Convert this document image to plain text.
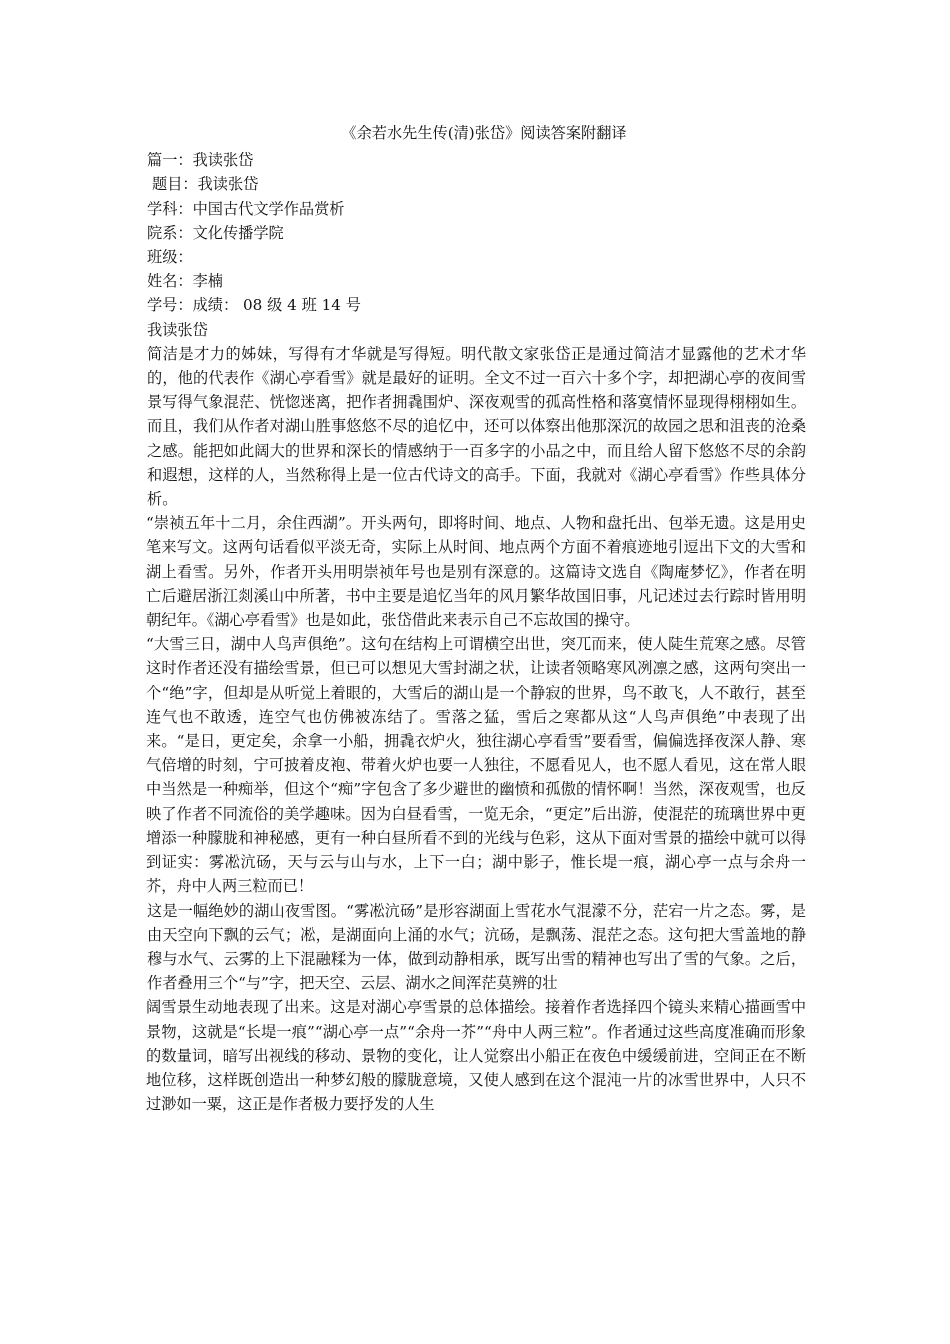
《余若水先生传(清)张岱》阅读答案附翻译

篇一：我读张岱

题目：我读张岱

学科：中国古代文学作品赏析

院系：文化传播学院

班级：

姓名：李楠

学号：成绩： 08 级 4 班 14 号

我读张岱

简洁是才力的姊妹，写得有才华就是写得短。明代散文家张岱正是通过简洁才显露他的艺术才华的，他的代表作《湖心亭看雪》就是最好的证明。全文不过一百六十多个字，却把湖心亭的夜间雪景写得气象混茫、恍惚迷离，把作者拥毳围炉、深夜观雪的孤高性格和落寞情怀显现得栩栩如生。而且，我们从作者对湖山胜事悠悠不尽的追忆中，还可以体察出他那深沉的故园之思和沮丧的沧桑之感。能把如此阔大的世界和深长的情感纳于一百多字的小品之中，而且给人留下悠悠不尽的余韵和遐想，这样的人，当然称得上是一位古代诗文的高手。下面，我就对《湖心亭看雪》作些具体分析。

“崇祯五年十二月，余住西湖”。开头两句，即将时间、地点、人物和盘托出、包举无遗。这是用史笔来写文。这两句话看似平淡无奇，实际上从时间、地点两个方面不着痕迹地引逗出下文的大雪和湖上看雪。另外，作者开头用明崇祯年号也是别有深意的。这篇诗文选自《陶庵梦忆》，作者在明亡后避居浙江剡溪山中所著，书中主要是追忆当年的风月繁华故国旧事，凡记述过去行踪时皆用明朝纪年。《湖心亭看雪》也是如此，张岱借此来表示自己不忘故国的操守。

“大雪三日，湖中人鸟声俱绝”。这句在结构上可谓横空出世，突兀而来，使人陡生荒寒之感。尽管这时作者还没有描绘雪景，但已可以想见大雪封湖之状，让读者领略寒风冽凛之感，这两句突出一个“绝”字，但却是从听觉上着眼的，大雪后的湖山是一个静寂的世界，鸟不敢飞，人不敢行，甚至连气也不敢透，连空气也仿佛被冻结了。雪落之猛，雪后之寒都从这“人鸟声俱绝”中表现了出来。“是日，更定矣，余拿一小船，拥毳衣炉火，独往湖心亭看雪”要看雪，偏偏选择夜深人静、寒气倍增的时刻，宁可披着皮袍、带着火炉也要一人独往，不愿看见人，也不愿人看见，这在常人眼中当然是一种痴举，但这个“痴”字包含了多少避世的幽愤和孤傲的情怀啊！当然，深夜观雪，也反映了作者不同流俗的美学趣味。因为白昼看雪，一览无余，“更定”后出游，使混茫的琉璃世界中更增添一种朦胧和神秘感，更有一种白昼所看不到的光线与色彩，这从下面对雪景的描绘中就可以得到证实：雾凇沆砀，天与云与山与水，上下一白；湖中影子，惟长堤一痕，湖心亭一点与余舟一芥，舟中人两三粒而已！

这是一幅绝妙的湖山夜雪图。“雾凇沆砀”是形容湖面上雪花水气混濛不分，茫宕一片之态。雾，是由天空向下飘的云气；凇，是湖面向上涌的水气；沆砀，是飘荡、混茫之态。这句把大雪盖地的静穆与水气、云雾的上下混融糅为一体，做到动静相承，既写出雪的精神也写出了雪的气象。之后，作者叠用三个“与”字，把天空、云层、湖水之间浑茫莫辨的壮

阔雪景生动地表现了出来。这是对湖心亭雪景的总体描绘。接着作者选择四个镜头来精心描画雪中景物，这就是“长堤一痕”“湖心亭一点”“余舟一芥”“舟中人两三粒”。作者通过这些高度准确而形象的数量词，暗写出视线的移动、景物的变化，让人觉察出小船正在夜色中缓缓前进，空间正在不断地位移，这样既创造出一种梦幻般的朦胧意境，又使人感到在这个混沌一片的冰雪世界中，人只不过渺如一粟，这正是作者极力要抒发的人生
